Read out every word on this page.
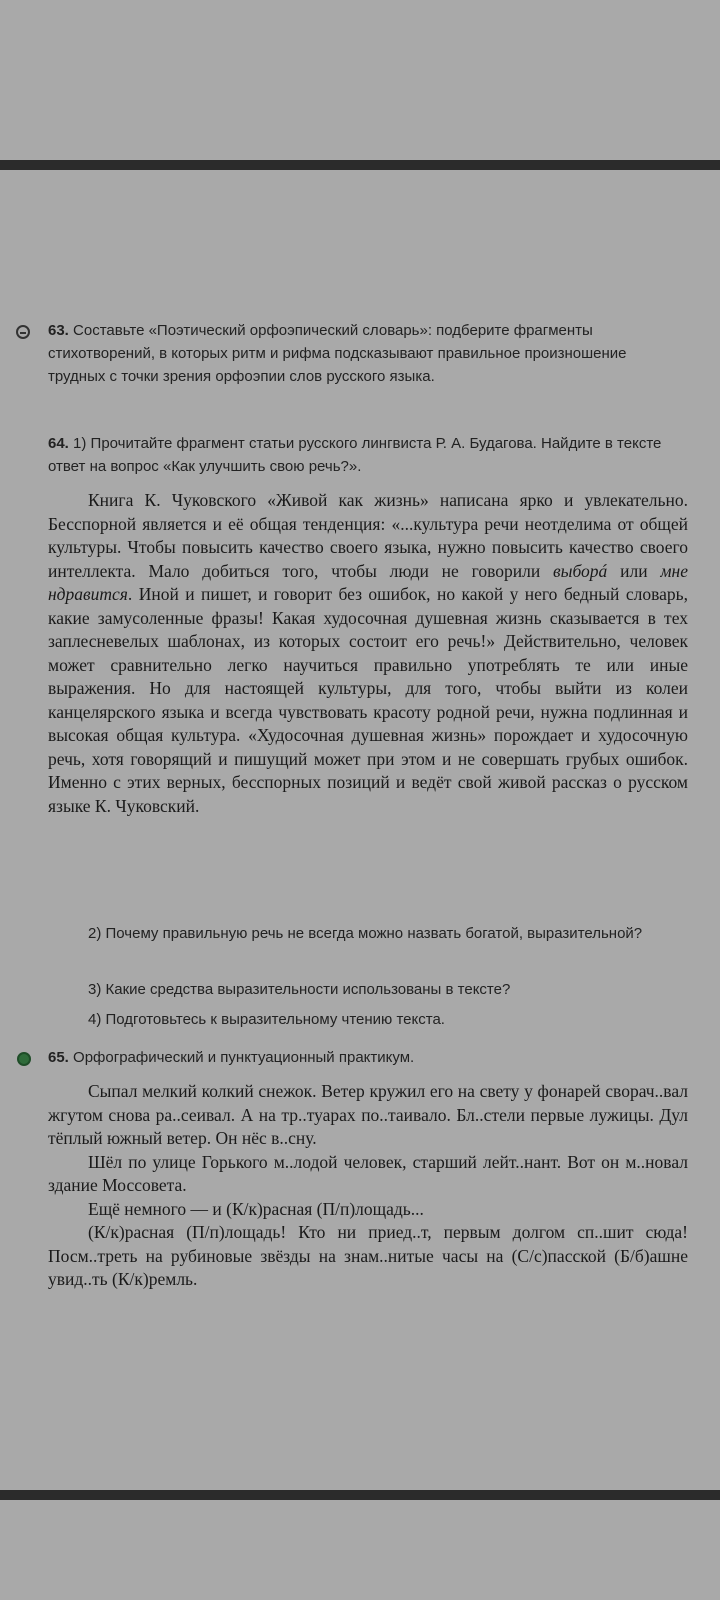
63. Составьте «Поэтический орфоэпический словарь»: подберите фрагменты стихотворений, в которых ритм и рифма подсказывают правильное произношение трудных с точки зрения орфоэпии слов русского языка.

64. 1) Прочитайте фрагмент статьи русского лингвиста Р. А. Будагова. Найдите в тексте ответ на вопрос «Как улучшить свою речь?».

Книга К. Чуковского «Живой как жизнь» написана ярко и увлекательно. Бесспорной является и её общая тенденция: «...культура речи неотделима от общей культуры. Чтобы повысить качество своего языка, нужно повысить качество своего интеллекта. Мало добиться того, чтобы люди не говорили выборá или мне ндравится. Иной и пишет, и говорит без ошибок, но какой у него бедный словарь, какие замусоленные фразы! Какая худосочная душевная жизнь сказывается в тех заплесневелых шаблонах, из которых состоит его речь!» Действительно, человек может сравнительно легко научиться правильно употреблять те или иные выражения. Но для настоящей культуры, для того, чтобы выйти из колеи канцелярского языка и всегда чувствовать красоту родной речи, нужна подлинная и высокая общая культура. «Худосочная душевная жизнь» порождает и худосочную речь, хотя говорящий и пишущий может при этом и не совершать грубых ошибок. Именно с этих верных, бесспорных позиций и ведёт свой живой рассказ о русском языке К. Чуковский.

2) Почему правильную речь не всегда можно назвать богатой, выразительной?

3) Какие средства выразительности использованы в тексте?

4) Подготовьтесь к выразительному чтению текста.

65. Орфографический и пунктуационный практикум.

Сыпал мелкий колкий снежок. Ветер кружил его на свету у фонарей сворач..вал жгутом снова ра..сеивал. А на тр..туарах по..таивало. Бл..стели первые лужицы. Дул тёплый южный ветер. Он нёс в..сну.

Шёл по улице Горького м..лодой человек, старший лейт..нант. Вот он м..новал здание Моссовета.

Ещё немного — и (К/к)расная (П/п)лощадь...

(К/к)расная (П/п)лощадь! Кто ни приед..т, первым долгом сп..шит сюда! Посм..треть на рубиновые звёзды на знам..нитые часы на (С/с)пасской (Б/б)ашне увид..ть (К/к)ремль.
